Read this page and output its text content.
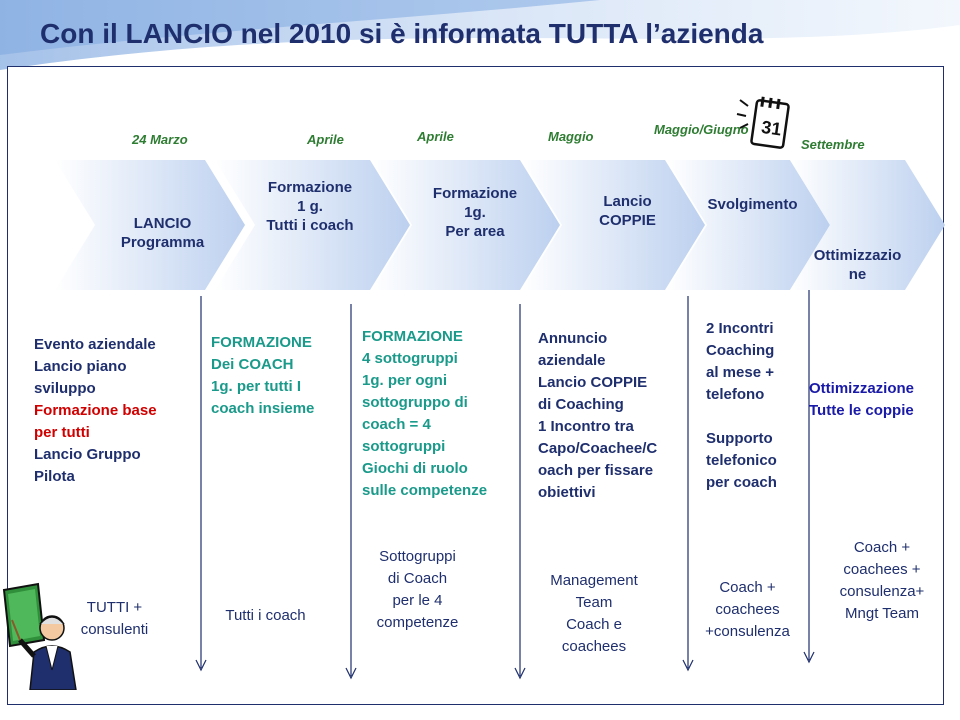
Con il LANCIO nel 2010 si è informata TUTTA l’azienda
24 Marzo	Aprile	Aprile	Maggio	Maggio/Giugno
Settembre
31
LANCIO
Programma
Formazione
1 g.
Tutti i coach
Formazione
1g.
Per area
Lancio
COPPIE
Svolgimento
Ottimizzazio
ne
Evento aziendale
Lancio piano
sviluppo
Formazione base
per tutti
Lancio Gruppo
Pilota
FORMAZIONE
Dei COACH
1g. per tutti I
coach insieme
FORMAZIONE
4 sottogruppi
1g. per ogni
sottogruppo di
coach = 4
sottogruppi
Giochi di ruolo
sulle competenze
Annuncio
aziendale
Lancio COPPIE
di Coaching
1 Incontro tra
Capo/Coachee/C
oach per fissare
obiettivi
2 Incontri
Coaching
al mese +
telefono
Supporto
telefonico
per coach
Ottimizzazione
Tutte le coppie
TUTTI +
consulenti
Tutti i coach
Sottogruppi
di Coach
per le 4
competenze
Management
Team
Coach e
coachees
Coach +
coachees
+consulenza
Coach +
coachees +
consulenza+
Mngt Team
